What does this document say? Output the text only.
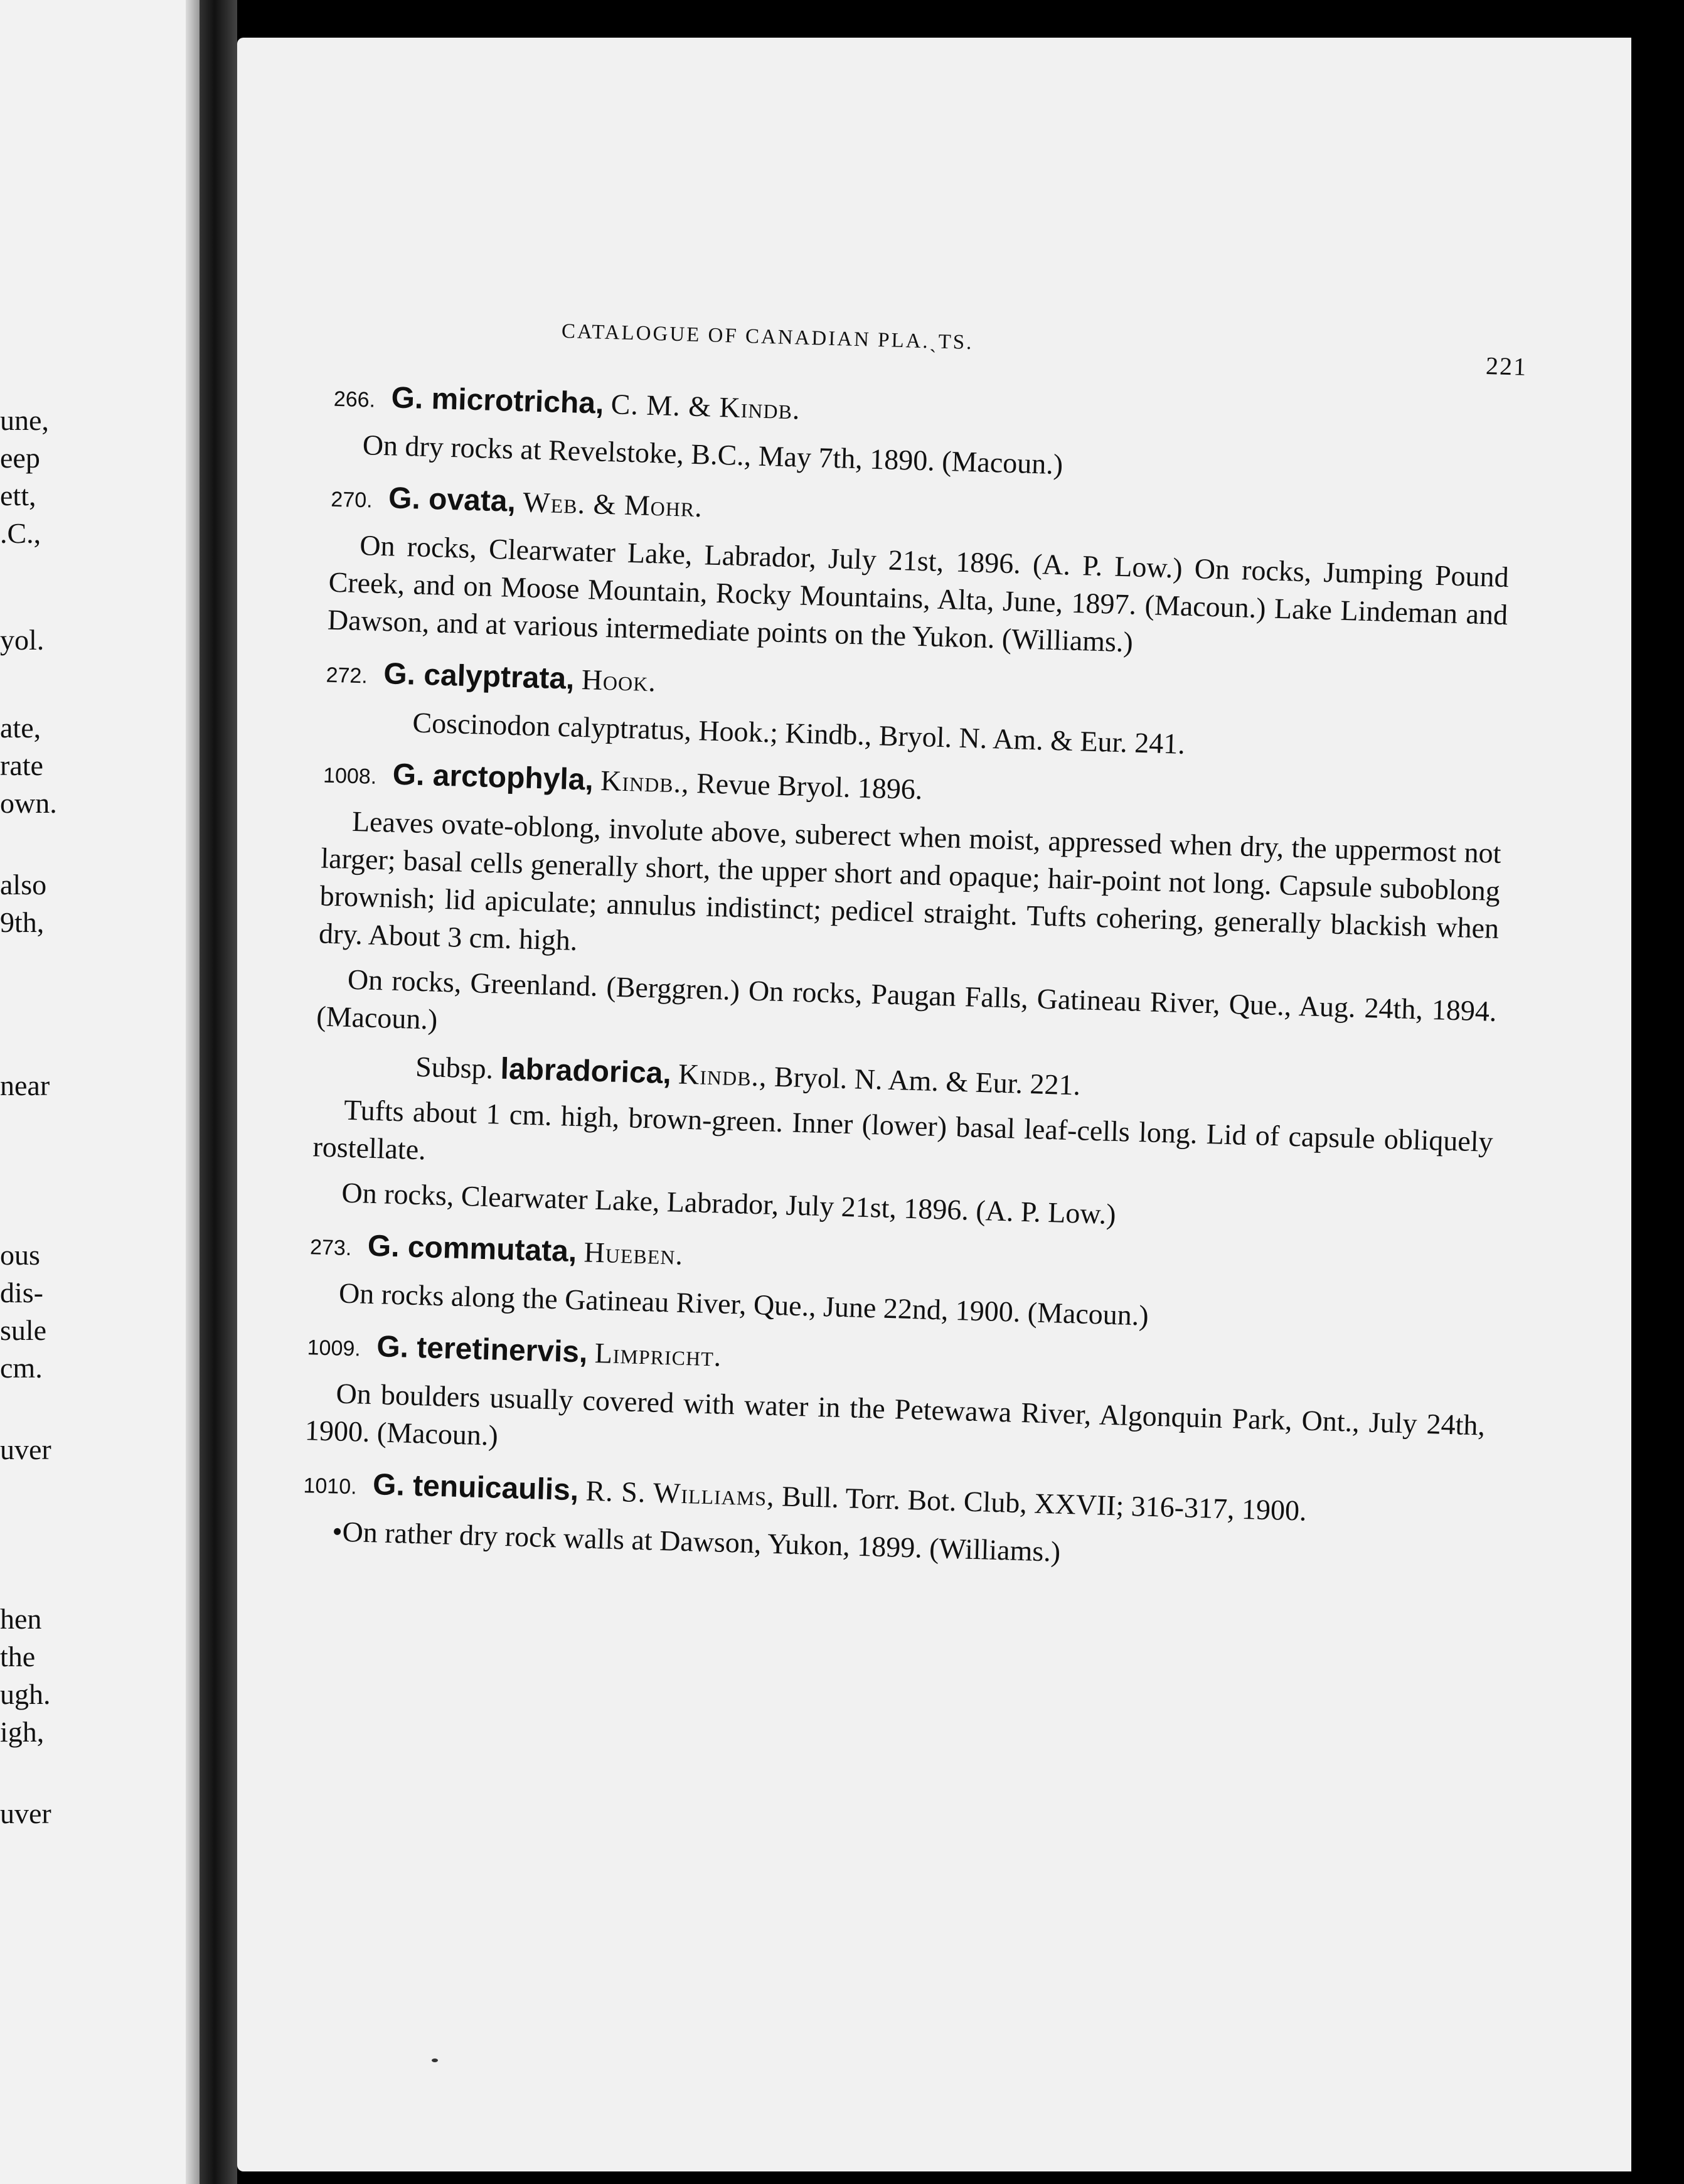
une,
eep
ett,
.C.,
yol.
ate,
rate
own.
also
9th,
near
ous
dis-
sule
cm.
uver
hen
the
ugh.
igh,
uver
CATALOGUE OF CANADIAN PLA.ˎTS.
221
266. G. microtricha, C. M. & Kindb.

On dry rocks at Revelstoke, B.C., May 7th, 1890. (Macoun.)

270. G. ovata, Web. & Mohr.

On rocks, Clearwater Lake, Labrador, July 21st, 1896. (A. P. Low.) On rocks, Jumping Pound Creek, and on Moose Mountain, Rocky Mountains, Alta, June, 1897. (Macoun.) Lake Lindeman and Dawson, and at various intermediate points on the Yukon. (Williams.)

272. G. calyptrata, Hook.

Coscinodon calyptratus, Hook.; Kindb., Bryol. N. Am. & Eur. 241.

1008. G. arctophyla, Kindb., Revue Bryol. 1896.

Leaves ovate-oblong, involute above, suberect when moist, appressed when dry, the uppermost not larger; basal cells generally short, the upper short and opaque; hair-point not long. Capsule suboblong brownish; lid apiculate; annulus indistinct; pedicel straight. Tufts cohering, generally blackish when dry. About 3 cm. high.

On rocks, Greenland. (Berggren.) On rocks, Paugan Falls, Gatineau River, Que., Aug. 24th, 1894. (Macoun.)

Subsp. labradorica, Kindb., Bryol. N. Am. & Eur. 221.

Tufts about 1 cm. high, brown-green. Inner (lower) basal leaf-cells long. Lid of capsule obliquely rostellate.

On rocks, Clearwater Lake, Labrador, July 21st, 1896. (A. P. Low.)

273. G. commutata, Hueben.

On rocks along the Gatineau River, Que., June 22nd, 1900. (Macoun.)

1009. G. teretinervis, Limpricht.

On boulders usually covered with water in the Petewawa River, Algonquin Park, Ont., July 24th, 1900. (Macoun.)

1010. G. tenuicaulis, R. S. Williams, Bull. Torr. Bot. Club, XXVII; 316-317, 1900.

•On rather dry rock walls at Dawson, Yukon, 1899. (Williams.)
